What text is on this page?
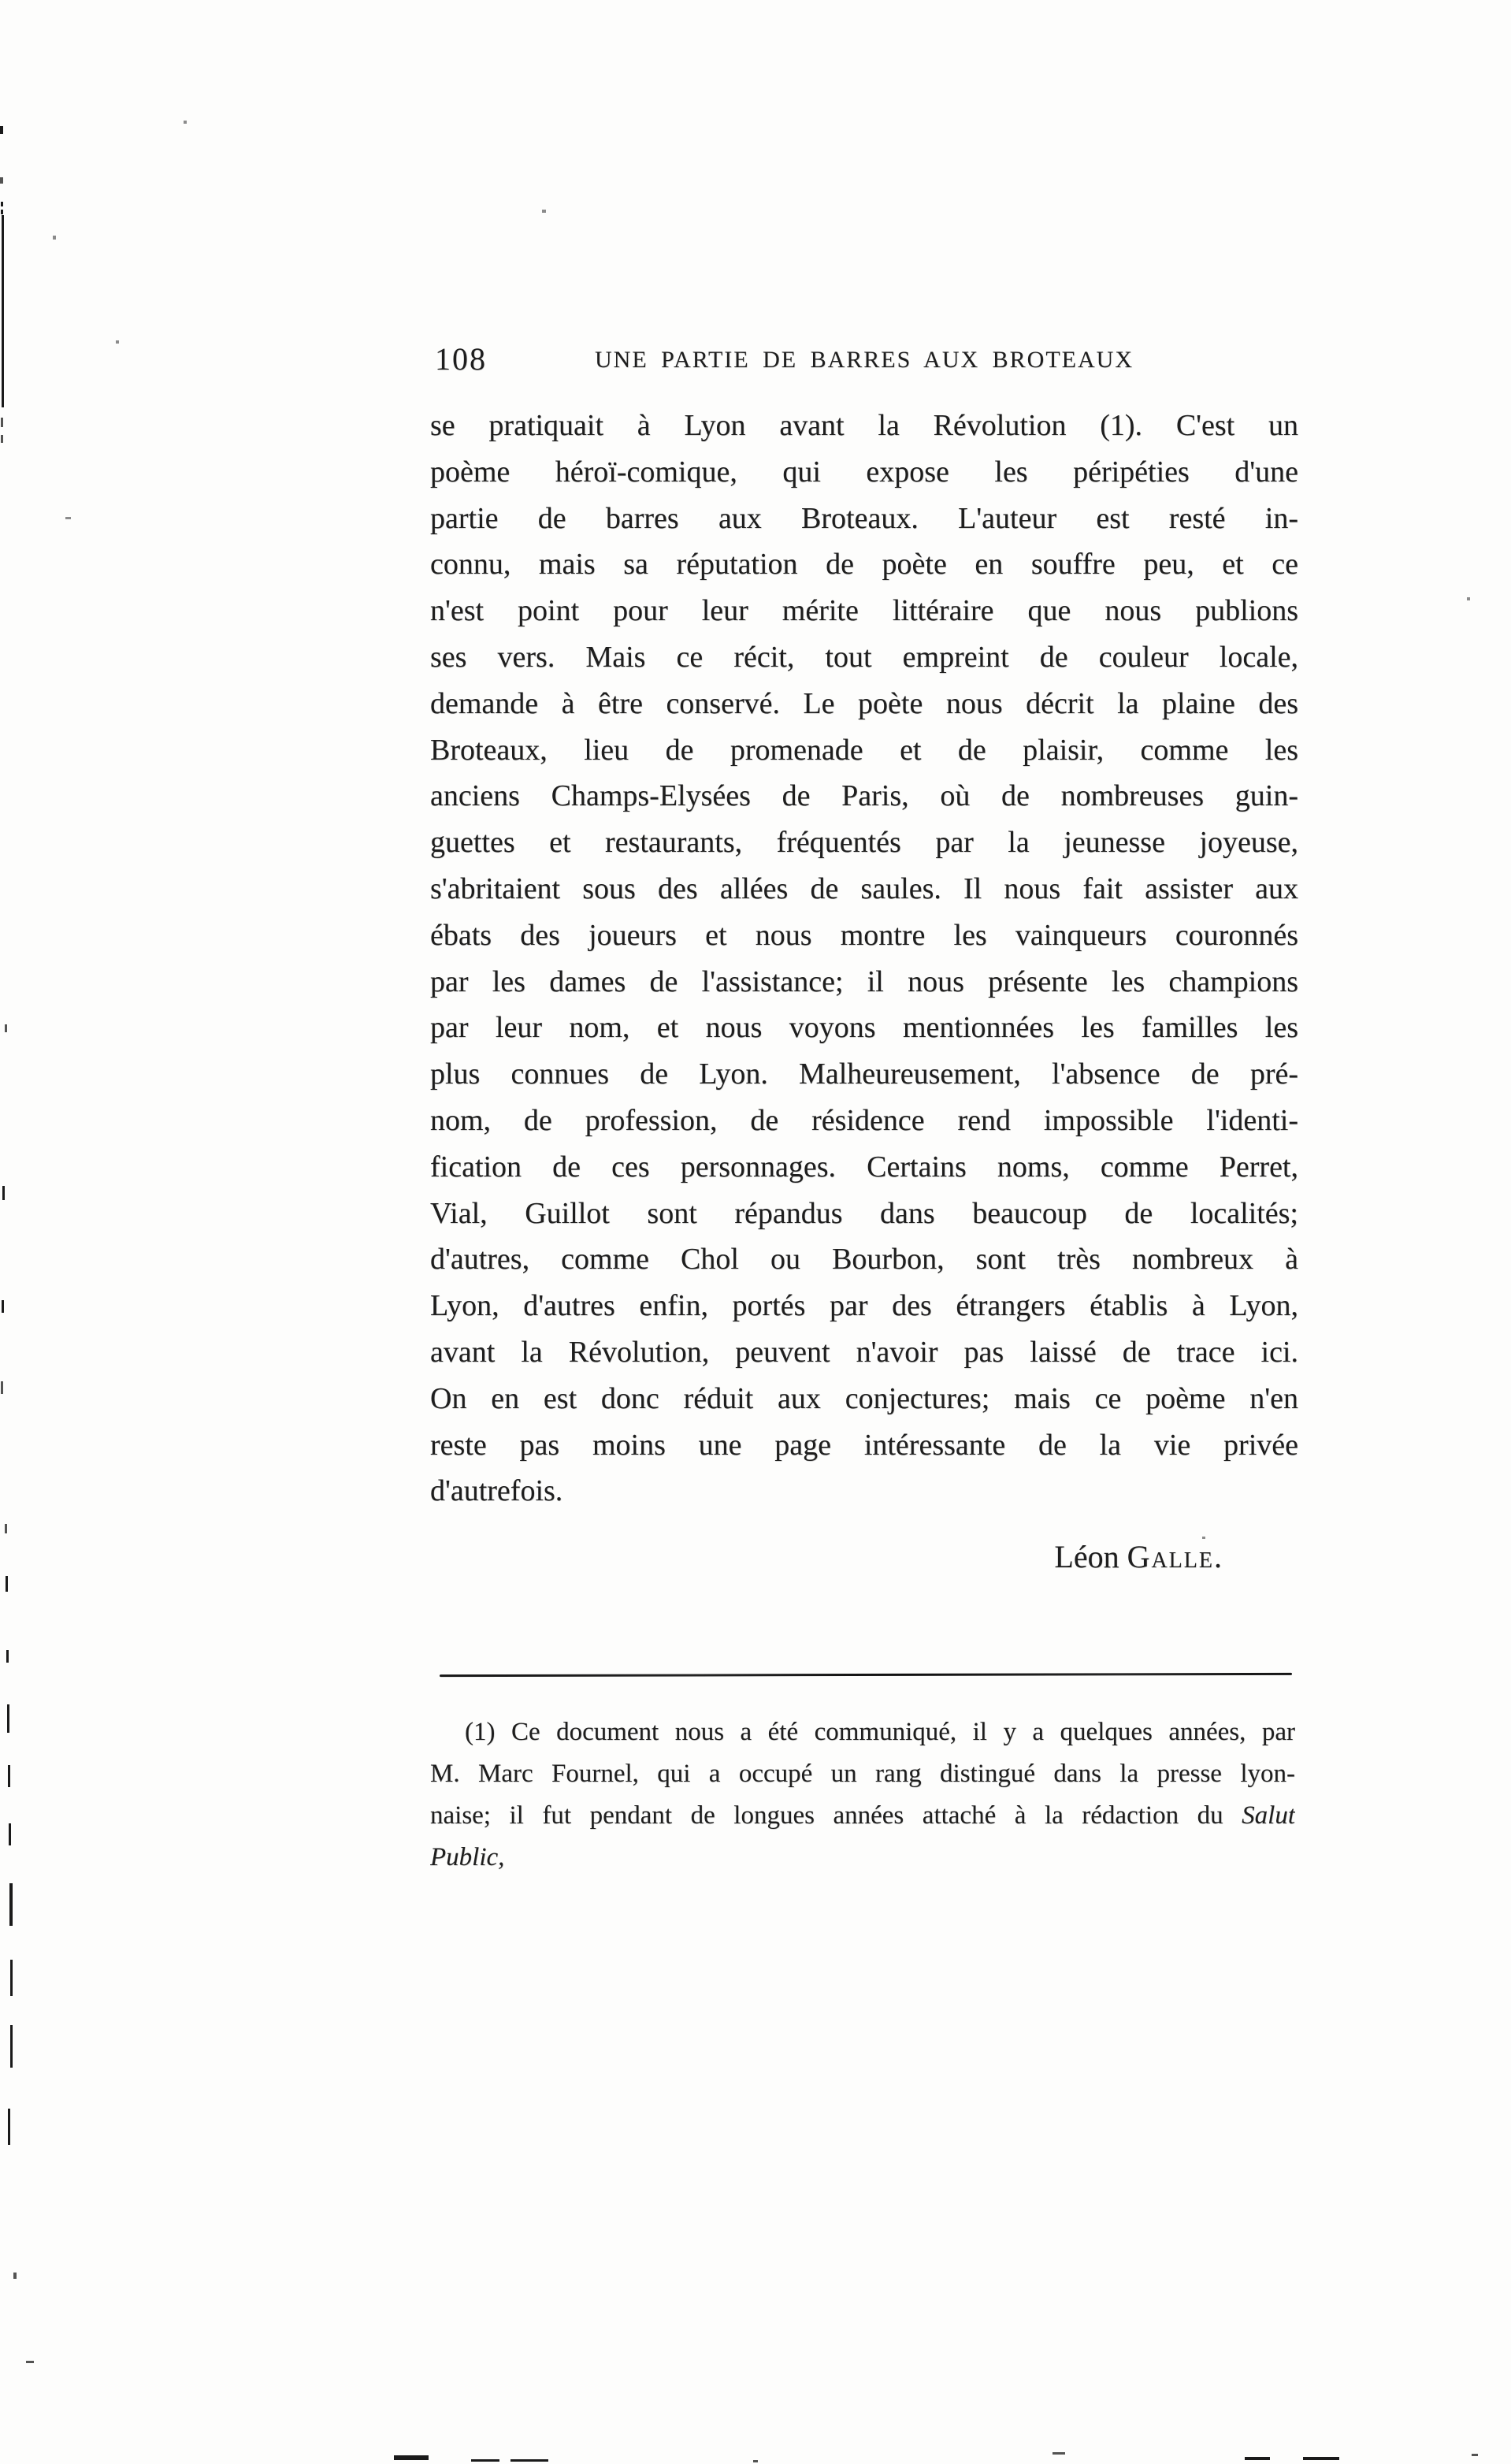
108	UNE PARTIE DE BARRES AUX BROTEAUX
se pratiquait à Lyon avant la Révolution (1). C'est un
poème héroï-comique, qui expose les péripéties d'une
partie de barres aux Broteaux. L'auteur est resté in-
connu, mais sa réputation de poète en souffre peu, et ce
n'est point pour leur mérite littéraire que nous publions
ses vers. Mais ce récit, tout empreint de couleur locale,
demande à être conservé. Le poète nous décrit la plaine des
Broteaux, lieu de promenade et de plaisir, comme les
anciens Champs-Elysées de Paris, où de nombreuses guin-
guettes et restaurants, fréquentés par la jeunesse joyeuse,
s'abritaient sous des allées de saules. Il nous fait assister aux
ébats des joueurs et nous montre les vainqueurs couronnés
par les dames de l'assistance; il nous présente les champions
par leur nom, et nous voyons mentionnées les familles les
plus connues de Lyon. Malheureusement, l'absence de pré-
nom, de profession, de résidence rend impossible l'identi-
fication de ces personnages. Certains noms, comme Perret,
Vial, Guillot sont répandus dans beaucoup de localités;
d'autres, comme Chol ou Bourbon, sont très nombreux à
Lyon, d'autres enfin, portés par des étrangers établis à Lyon,
avant la Révolution, peuvent n'avoir pas laissé de trace ici.
On en est donc réduit aux conjectures; mais ce poème n'en
reste pas moins une page intéressante de la vie privée
d'autrefois.
Léon Galle.
(1) Ce document nous a été communiqué, il y a quelques années, par
M. Marc Fournel, qui a occupé un rang distingué dans la presse lyon-
naise; il fut pendant de longues années attaché à la rédaction du Salut
Public,
